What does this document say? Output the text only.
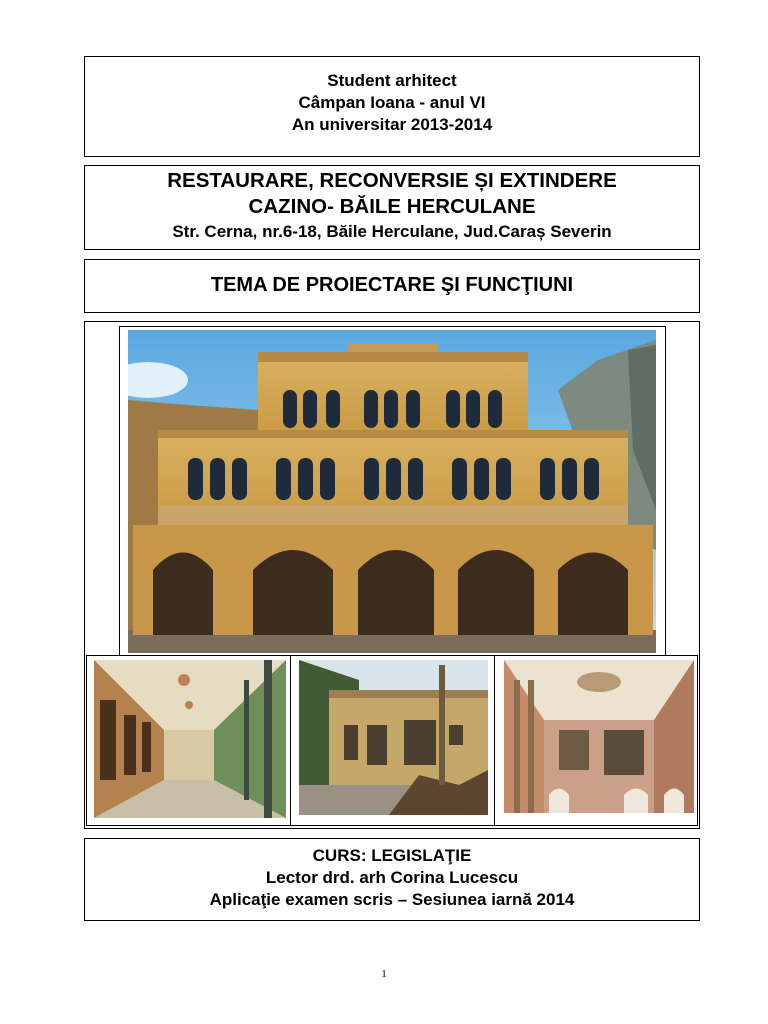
Student arhitect
Câmpan Ioana - anul VI
An universitar 2013-2014
RESTAURARE, RECONVERSIE ȘI EXTINDERE
CAZINO- BĂILE HERCULANE
Str. Cerna, nr.6-18, Băile Herculane, Jud.Caraș Severin
TEMA DE PROIECTARE ŞI FUNCŢIUNI
CURS: LEGISLAŢIE
Lector drd. arh Corina Lucescu
Aplicaţie examen scris – Sesiunea iarnă 2014
1
